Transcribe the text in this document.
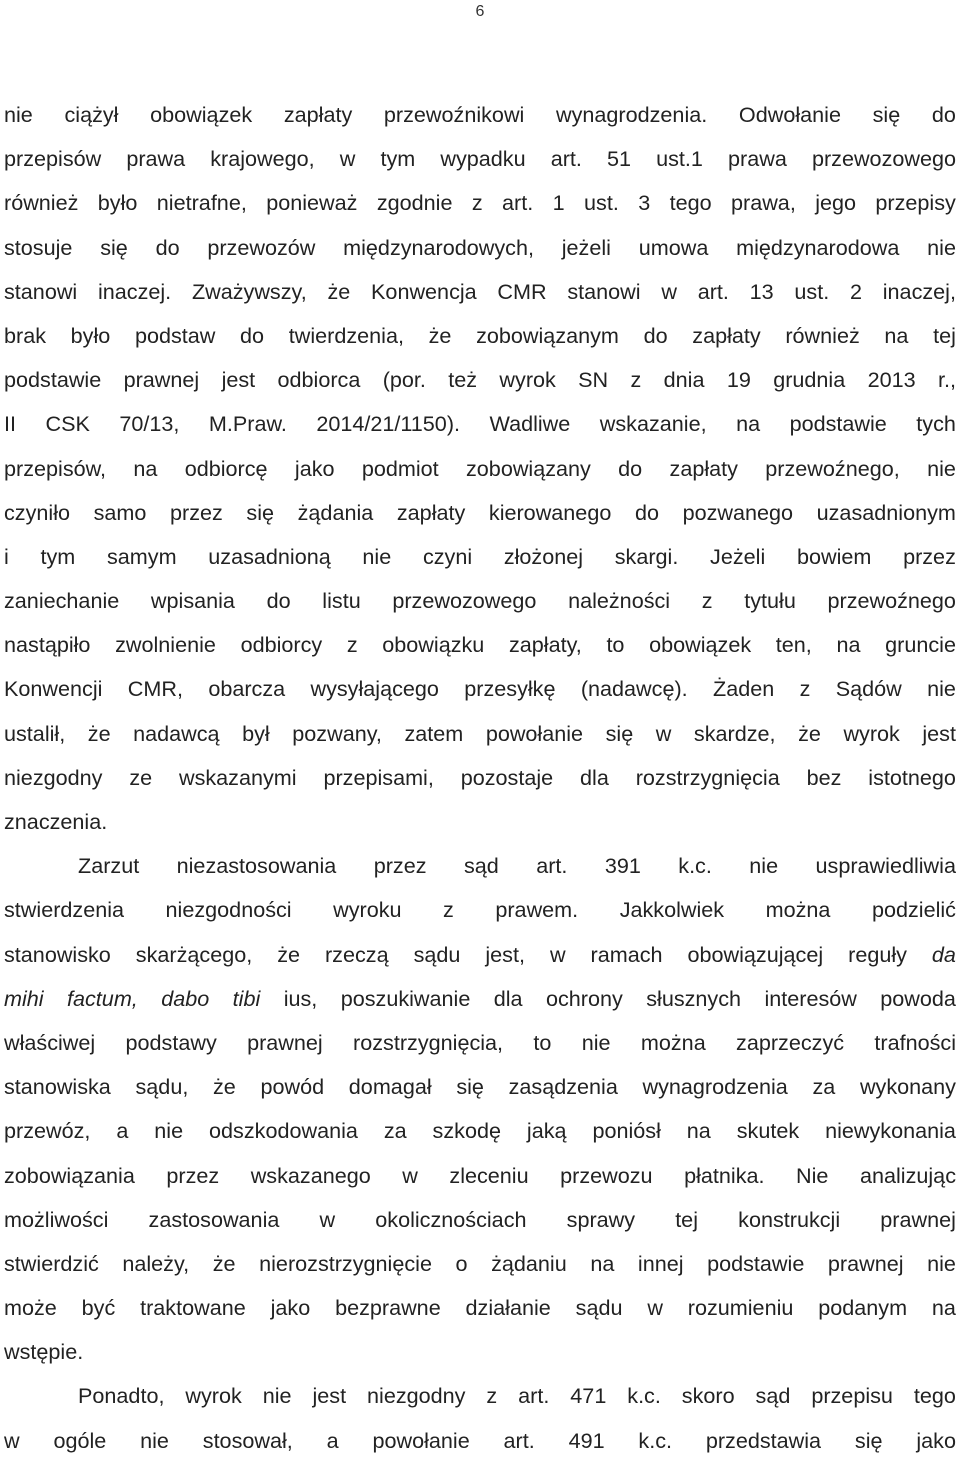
6
nie ciążył obowiązek zapłaty przewoźnikowi wynagrodzenia. Odwołanie się do
przepisów prawa krajowego, w tym wypadku art. 51 ust.1 prawa przewozowego
również było nietrafne, ponieważ zgodnie z art. 1 ust. 3 tego prawa, jego przepisy
stosuje się do przewozów międzynarodowych, jeżeli umowa międzynarodowa nie
stanowi inaczej. Zważywszy, że Konwencja CMR stanowi w art. 13 ust. 2 inaczej,
brak było podstaw do twierdzenia, że zobowiązanym do zapłaty również na tej
podstawie prawnej jest odbiorca (por. też wyrok SN z dnia 19 grudnia 2013 r.,
II CSK 70/13, M.Praw. 2014/21/1150). Wadliwe wskazanie, na podstawie tych
przepisów, na odbiorcę jako podmiot zobowiązany do zapłaty przewoźnego, nie
czyniło samo przez się żądania zapłaty kierowanego do pozwanego uzasadnionym
i tym samym uzasadnioną nie czyni złożonej skargi. Jeżeli bowiem przez
zaniechanie wpisania do listu przewozowego należności z tytułu przewoźnego
nastąpiło zwolnienie odbiorcy z obowiązku zapłaty, to obowiązek ten, na gruncie
Konwencji CMR, obarcza wysyłającego przesyłkę (nadawcę). Żaden z Sądów nie
ustalił, że nadawcą był pozwany, zatem powołanie się w skardze, że wyrok jest
niezgodny ze wskazanymi przepisami, pozostaje dla rozstrzygnięcia bez istotnego
znaczenia.
Zarzut niezastosowania przez sąd art. 391 k.c. nie usprawiedliwia
stwierdzenia niezgodności wyroku z prawem. Jakkolwiek można podzielić
stanowisko skarżącego, że rzeczą sądu jest, w ramach obowiązującej reguły da
mihi factum, dabo tibi ius, poszukiwanie dla ochrony słusznych interesów powoda
właściwej podstawy prawnej rozstrzygnięcia, to nie można zaprzeczyć trafności
stanowiska sądu, że powód domagał się zasądzenia wynagrodzenia za wykonany
przewóz, a nie odszkodowania za szkodę jaką poniósł na skutek niewykonania
zobowiązania przez wskazanego w zleceniu przewozu płatnika. Nie analizując
możliwości zastosowania w okolicznościach sprawy tej konstrukcji prawnej
stwierdzić należy, że nierozstrzygnięcie o żądaniu na innej podstawie prawnej nie
może być traktowane jako bezprawne działanie sądu w rozumieniu podanym na
wstępie.
Ponadto, wyrok nie jest niezgodny z art. 471 k.c. skoro sąd przepisu tego
w ogóle nie stosował, a powołanie art. 491 k.c. przedstawia się jako
